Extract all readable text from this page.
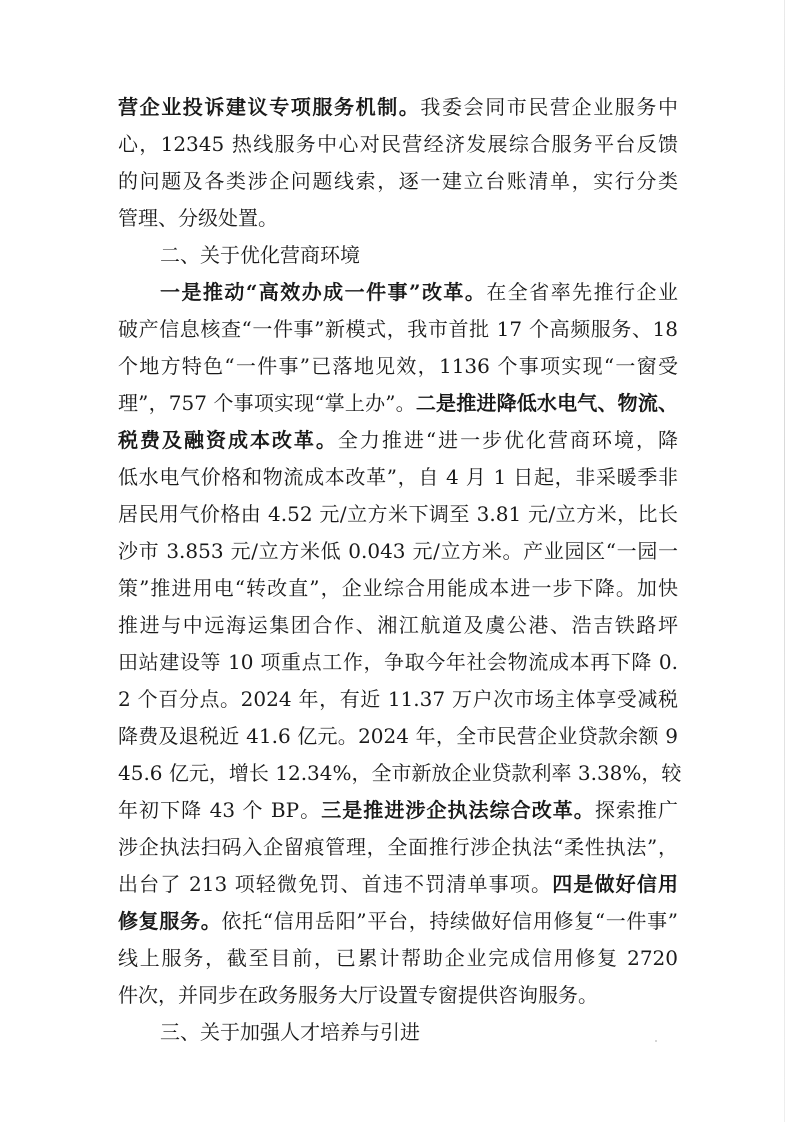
营企业投诉建议专项服务机制。我委会同市民营企业服务中
心，12345 热线服务中心对民营经济发展综合服务平台反馈
的问题及各类涉企问题线索，逐一建立台账清单，实行分类
管理、分级处置。
二、关于优化营商环境
一是推动“高效办成一件事”改革。在全省率先推行企业
破产信息核查“一件事”新模式，我市首批 17 个高频服务、18
个地方特色“一件事”已落地见效，1136 个事项实现“一窗受
理”，757 个事项实现“掌上办”。二是推进降低水电气、物流、
税费及融资成本改革。全力推进“进一步优化营商环境，降
低水电气价格和物流成本改革”，自 4 月 1 日起，非采暖季非
居民用气价格由 4.52 元/立方米下调至 3.81 元/立方米，比长
沙市 3.853 元/立方米低 0.043 元/立方米。产业园区“一园一
策”推进用电“转改直”，企业综合用能成本进一步下降。加快
推进与中远海运集团合作、湘江航道及虞公港、浩吉铁路坪
田站建设等 10 项重点工作，争取今年社会物流成本再下降 0.
2 个百分点。2024 年，有近 11.37 万户次市场主体享受减税
降费及退税近 41.6 亿元。2024 年，全市民营企业贷款余额 9
45.6 亿元，增长 12.34%，全市新放企业贷款利率 3.38%，较
年初下降 43 个 BP。三是推进涉企执法综合改革。探索推广
涉企执法扫码入企留痕管理，全面推行涉企执法“柔性执法”，
出台了 213 项轻微免罚、首违不罚清单事项。四是做好信用
修复服务。依托“信用岳阳”平台，持续做好信用修复“一件事”
线上服务，截至目前，已累计帮助企业完成信用修复 2720
件次，并同步在政务服务大厅设置专窗提供咨询服务。
三、关于加强人才培养与引进
